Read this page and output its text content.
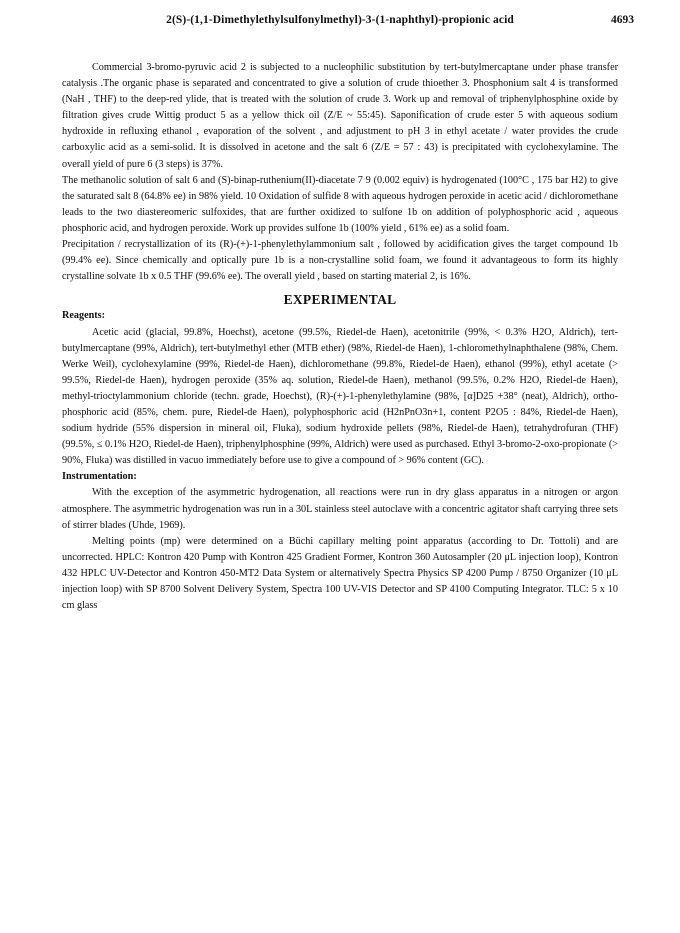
2(S)-(1,1-Dimethylethylsulfonylmethyl)-3-(1-naphthyl)-propionic acid	4693

Commercial 3-bromo-pyruvic acid 2 is subjected to a nucleophilic substitution by tert-butylmercaptane under phase transfer catalysis .The organic phase is separated and concentrated to give a solution of crude thioether 3. Phosphonium salt 4 is transformed (NaH , THF) to the deep-red ylide, that is treated with the solution of crude 3. Work up and removal of triphenylphosphine oxide by filtration gives crude Wittig product 5 as a yellow thick oil (Z/E ~ 55:45). Saponification of crude ester 5 with aqueous sodium hydroxide in refluxing ethanol , evaporation of the solvent , and adjustment to pH 3 in ethyl acetate / water provides the crude carboxylic acid as a semi-solid. It is dissolved in acetone and the salt 6 (Z/E = 57 : 43) is precipitated with cyclohexylamine. The overall yield of pure 6 (3 steps) is 37%.

The methanolic solution of salt 6 and (S)-binap-ruthenium(II)-diacetate 7 9 (0.002 equiv) is hydrogenated (100°C , 175 bar H2) to give the saturated salt 8 (64.8% ee) in 98% yield. 10 Oxidation of sulfide 8 with aqueous hydrogen peroxide in acetic acid / dichloromethane leads to the two diastereomeric sulfoxides, that are further oxidized to sulfone 1b on addition of polyphosphoric acid , aqueous phosphoric acid, and hydrogen peroxide. Work up provides sulfone 1b (100% yield , 61% ee) as a solid foam.

Precipitation / recrystallization of its (R)-(+)-1-phenylethylammonium salt , followed by acidification gives the target compound 1b (99.4% ee). Since chemically and optically pure 1b is a non-crystalline solid foam, we found it advantageous to form its highly crystalline solvate 1b x 0.5 THF (99.6% ee). The overall yield , based on starting material 2, is 16%.

EXPERIMENTAL

Reagents:

Acetic acid (glacial, 99.8%, Hoechst), acetone (99.5%, Riedel-de Haen), acetonitrile (99%, < 0.3% H2O, Aldrich), tert-butylmercaptane (99%, Aldrich), tert-butylmethyl ether (MTB ether) (98%, Riedel-de Haen), 1-chloromethylnaphthalene (98%, Chem. Werke Weil), cyclohexylamine (99%, Riedel-de Haen), dichloromethane (99.8%, Riedel-de Haen), ethanol (99%), ethyl acetate (> 99.5%, Riedel-de Haen), hydrogen peroxide (35% aq. solution, Riedel-de Haen), methanol (99.5%, 0.2% H2O, Riedel-de Haen), methyl-trioctylammonium chloride (techn. grade, Hoechst), (R)-(+)-1-phenylethylamine (98%, [α]D25 +38° (neat), Aldrich), ortho-phosphoric acid (85%, chem. pure, Riedel-de Haen), polyphosphoric acid (H2nPnO3n+1, content P2O5 : 84%, Riedel-de Haen), sodium hydride (55% dispersion in mineral oil, Fluka), sodium hydroxide pellets (98%, Riedel-de Haen), tetrahydrofuran (THF) (99.5%, ≤ 0.1% H2O, Riedel-de Haen), triphenylphosphine (99%, Aldrich) were used as purchased. Ethyl 3-bromo-2-oxo-propionate (> 90%, Fluka) was distilled in vacuo immediately before use to give a compound of > 96% content (GC).

Instrumentation:

With the exception of the asymmetric hydrogenation, all reactions were run in dry glass apparatus in a nitrogen or argon atmosphere. The asymmetric hydrogenation was run in a 30L stainless steel autoclave with a concentric agitator shaft carrying three sets of stirrer blades (Uhde, 1969).

Melting points (mp) were determined on a Büchi capillary melting point apparatus (according to Dr. Tottoli) and are uncorrected. HPLC: Kontron 420 Pump with Kontron 425 Gradient Former, Kontron 360 Autosampler (20 μL injection loop), Kontron 432 HPLC UV-Detector and Kontron 450-MT2 Data System or alternatively Spectra Physics SP 4200 Pump / 8750 Organizer (10 μL injection loop) with SP 8700 Solvent Delivery System, Spectra 100 UV-VIS Detector and SP 4100 Computing Integrator. TLC: 5 x 10 cm glass
